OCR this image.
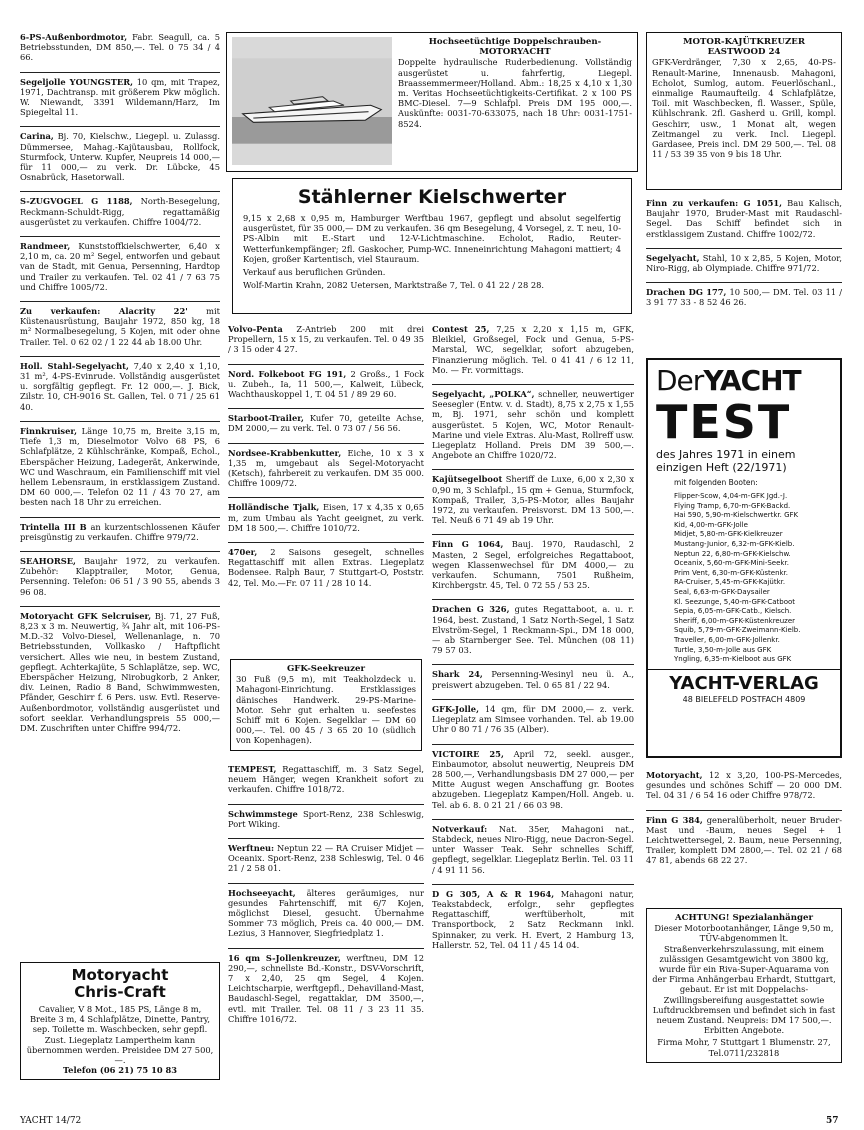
6-PS-Außenbordmotor, Fabr. Seagull, ca. 5 Betriebsstunden, DM 850,—. Tel. 0 75 34 / 4 66.
Segeljolle YOUNGSTER, 10 qm, mit Trapez, 1971, Dachtransp. mit größerem Pkw möglich. W. Niewandt, 3391 Wildemann/Harz, Im Spiegeltal 11.
Carina, Bj. 70, Kielschw., Liegepl. u. Zulassg. Dümmersee, Mahag.-Kajütausbau, Rollfock, Sturmfock, Unterw. Kupfer, Neupreis 14 000,— für 11 000,— zu verk. Dr. Lübcke, 45 Osnabrück, Hasetorwall.
S-ZUGVOGEL G 1188, North-Besegelung, Reckmann-Schuldt-Rigg, regattamäßig ausgerüstet zu verkaufen. Chiffre 1004/72.
Randmeer, Kunststoffkielschwerter, 6,40 x 2,10 m, ca. 20 m² Segel, entworfen und gebaut van de Stadt, mit Genua, Persenning, Hardtop und Trailer zu verkaufen. Tel. 02 41 / 7 63 75 und Chiffre 1005/72.
Zu verkaufen: Alacrity 22' mit Küstenausrüstung, Baujahr 1972, 850 kg, 18 m² Normalbesegelung, 5 Kojen, mit oder ohne Trailer. Tel. 0 62 02 / 1 22 44 ab 18.00 Uhr.
Holl. Stahl-Segelyacht, 7,40 x 2,40 x 1,10, 31 m², 4-PS-Evinrude. Vollständig ausgerüstet u. sorgfältig gepflegt. Fr. 12 000,—. J. Bick, Zilstr. 10, CH-9016 St. Gallen, Tel. 0 71 / 25 61 40.
Finnkruiser, Länge 10,75 m, Breite 3,15 m, Tiefe 1,3 m, Dieselmotor Volvo 68 PS, 6 Schlafplätze, 2 Kühlschränke, Kompaß, Echol., Eberspächer Heizung, Ladegerät, Ankerwinde, WC und Waschraum, ein Familienschiff mit viel hellem Lebensraum, in erstklassigem Zustand. DM 60 000,—. Telefon 02 11 / 43 70 27, am besten nach 18 Uhr zu erreichen.
Trintella III B an kurzentschlossenen Käufer preisgünstig zu verkaufen. Chiffre 979/72.
SEAHORSE, Baujahr 1972, zu verkaufen. Zubehör: Klapptrailer, Motor, Genua, Persenning. Telefon: 06 51 / 3 90 55, abends 3 96 08.
Motoryacht GFK Selcruiser, Bj. 71, 27 Fuß, 8,23 x 3 m. Neuwertig, ¾ Jahr alt, mit 106-PS-M.D.-32 Volvo-Diesel, Wellenanlage, n. 70 Betriebsstunden, Vollkasko / Haftpflicht versichert. Alles wie neu, in bestem Zustand, gepflegt. Achterkajüte, 5 Schlaplätze, sep. WC, Eberspächer Heizung, Nirobugkorb, 2 Anker, div. Leinen, Radio 8 Band, Schwimmwesten, Pfänder, Geschirr f. 6 Pers. usw. Evtl. Reserve-Außenbordmotor, vollständig ausgerüstet und sofort seeklar. Verhandlungspreis 55 000,— DM. Zuschriften unter Chiffre 994/72.
Motoryacht
Chris-Craft
Cavalier, V 8 Mot., 185 PS, Länge 8 m, Breite 3 m, 4 Schlafplätze, Dinette, Pantry, sep. Toilette m. Waschbecken, sehr gepfl. Zust. Liegeplatz Lampertheim kann übernommen werden. Preisidee DM 27 500,—.
Telefon (06 21) 75 10 83
Hochseetüchtige Doppelschrauben-
MOTORYACHT
Doppelte hydraulische Ruderbedienung. Vollständig ausgerüstet u. fahrfertig, Liegepl. Braassemmermeer/Holland. Abm.: 18,25 x 4,10 x 1,30 m. Veritas Hochseetüchtigkeits-Certifikat. 2 x 100 PS BMC-Diesel. 7—9 Schlafpl. Preis DM 195 000,—. Auskünfte: 0031-70-633075, nach 18 Uhr: 0031-1751-8524.
Stählerner Kielschwerter
9,15 x 2,68 x 0,95 m, Hamburger Werftbau 1967, gepflegt und absolut segelfertig ausgerüstet, für 35 000,— DM zu verkaufen. 36 qm Besegelung, 4 Vorsegel, z. T. neu, 10-PS-Albin mit E.-Start und 12-V-Lichtmaschine. Echolot, Radio, Reuter-Wetterfunkempfänger; 2fl. Gaskocher, Pump-WC. Inneneinrichtung Mahagoni mattiert; 4 Kojen, großer Kartentisch, viel Stauraum.
Verkauf aus beruflichen Gründen.
Wolf-Martin Krahn, 2082 Uetersen, Marktstraße 7, Tel. 0 41 22 / 28 28.
Volvo-Penta Z-Antrieb 200 mit drei Propellern, 15 x 15, zu verkaufen. Tel. 0 49 35 / 3 15 oder 4 27.
Nord. Folkeboot FG 191, 2 Großs., 1 Fock u. Zubeh., Ia, 11 500,—, Kalweit, Lübeck, Wachthauskoppel 1, T. 04 51 / 89 29 60.
Starboot-Trailer, Kufer 70, geteilte Achse, DM 2000,— zu verk. Tel. 0 73 07 / 56 56.
Nordsee-Krabbenkutter, Eiche, 10 x 3 x 1,35 m, umgebaut als Segel-Motoryacht (Ketsch), fahrbereit zu verkaufen. DM 35 000. Chiffre 1009/72.
Holländische Tjalk, Eisen, 17 x 4,35 x 0,65 m, zum Umbau als Yacht geeignet, zu verk. DM 18 500,—. Chiffre 1010/72.
470er, 2 Saisons gesegelt, schnelles Regattaschiff mit allen Extras. Liegeplatz Bodensee. Ralph Baur, 7 Stuttgart-O, Poststr. 42, Tel. Mo.—Fr. 07 11 / 28 10 14.
GFK-Seekreuzer
30 Fuß (9,5 m), mit Teakholzdeck u. Mahagoni-Einrichtung. Erstklassiges dänisches Handwerk. 29-PS-Marine-Motor. Sehr gut erhalten u. seefestes Schiff mit 6 Kojen. Segelklar — DM 60 000,—. Tel. 00 45 / 3 65 20 10 (südlich von Kopenhagen).
TEMPEST, Regattaschiff, m. 3 Satz Segel, neuem Hänger, wegen Krankheit sofort zu verkaufen. Chiffre 1018/72.
Schwimmstege Sport-Renz, 238 Schleswig, Port Wiking.
Werftneu: Neptun 22 — RA Cruiser Midjet — Oceanix. Sport-Renz, 238 Schleswig, Tel. 0 46 21 / 2 58 01.
Hochseeyacht, älteres geräumiges, nur gesundes Fahrtenschiff, mit 6/7 Kojen, möglichst Diesel, gesucht. Übernahme Sommer 73 möglich, Preis ca. 40 000,— DM. Lezius, 3 Hannover, Siegfriedplatz 1.
16 qm S-Jollenkreuzer, werftneu, DM 12 290,—, schnellste Bd.-Konstr., DSV-Vorschrift, 7 x 2,40, 25 qm Segel, 4 Kojen. Leichtscharpie, werftgepfl., Dehavilland-Mast, Baudaschl-Segel, regattaklar, DM 3500,—, evtl. mit Trailer. Tel. 08 11 / 3 23 11 35. Chiffre 1016/72.
Contest 25, 7,25 x 2,20 x 1,15 m, GFK, Bleikiel, Großsegel, Fock und Genua, 5-PS-Marstal, WC, segelklar, sofort abzugeben, Finanzierung möglich. Tel. 0 41 41 / 6 12 11, Mo. — Fr. vormittags.
Segelyacht, „POLKA“, schneller, neuwertiger Seesegler (Entw. v. d. Stadt), 8,75 x 2,75 x 1,55 m, Bj. 1971, sehr schön und komplett ausgerüstet. 5 Kojen, WC, Motor Renault-Marine und viele Extras. Alu-Mast, Rollreff usw. Liegeplatz Holland. Preis DM 39 500,—. Angebote an Chiffre 1020/72.
Kajütsegelboot Sheriff de Luxe, 6,00 x 2,30 x 0,90 m, 3 Schlafpl., 15 qm + Genua, Sturmfock, Kompaß, Trailer, 3,5-PS-Motor, alles Baujahr 1972, zu verkaufen. Preisvorst. DM 13 500,—. Tel. Neuß 6 71 49 ab 19 Uhr.
Finn G 1064, Bauj. 1970, Raudaschl, 2 Masten, 2 Segel, erfolgreiches Regattaboot, wegen Klassenwechsel für DM 4000,— zu verkaufen. Schumann, 7501 Rußheim, Kirchbergstr. 45, Tel. 0 72 55 / 53 25.
Drachen G 326, gutes Regattaboot, a. u. r. 1964, best. Zustand, 1 Satz North-Segel, 1 Satz Elvström-Segel, 1 Reckmann-Spi., DM 18 000,— ab Starnberger See. Tel. München (08 11) 79 57 03.
Shark 24, Persenning-Wesinyl neu ü. A., preiswert abzugeben. Tel. 0 65 81 / 22 94.
GFK-Jolle, 14 qm, für DM 2000,— z. verk. Liegeplatz am Simsee vorhanden. Tel. ab 19.00 Uhr 0 80 71 / 76 35 (Alber).
VICTOIRE 25, April 72, seekl. ausger., Einbaumotor, absolut neuwertig, Neupreis DM 28 500,—, Verhandlungsbasis DM 27 000,— per Mitte August wegen Anschaffung gr. Bootes abzugeben. Liegeplatz Kampen/Holl. Angeb. u. Tel. ab 6. 8. 0 21 21 / 66 03 98.
Notverkauf: Nat. 35er, Mahagoni nat., Stabdeck, neues Niro-Rigg, neue Dacron-Segel. unter Wasser Teak. Sehr schnelles Schiff, gepflegt, segelklar. Liegeplatz Berlin. Tel. 03 11 / 4 91 11 56.
D G 305, A & R 1964, Mahagoni natur, Teakstabdeck, erfolgr., sehr gepflegtes Regattaschiff, werftüberholt, mit Transportbock, 2 Satz Reckmann inkl. Spinnaker, zu verk. H. Evert, 2 Hamburg 13, Hallerstr. 52, Tel. 04 11 / 45 14 04.
MOTOR-KAJÜTKREUZER
EASTWOOD 24
GFK-Verdränger, 7,30 x 2,65, 40-PS-Renault-Marine, Innenausb. Mahagoni, Echolot, Sumlog, autom. Feuerlöschanl., einmalige Raumaufteilg. 4 Schlafplätze, Toil. mit Waschbecken, fl. Wasser., Spüle, Kühlschrank. 2fl. Gasherd u. Grill, kompl. Geschirr, usw., 1 Monat alt, wegen Zeitmangel zu verk. Incl. Liegepl. Gardasee, Preis incl. DM 29 500,—. Tel. 08 11 / 53 39 35 von 9 bis 18 Uhr.
Finn zu verkaufen: G 1051, Bau Kalisch, Baujahr 1970, Bruder-Mast mit Raudaschl-Segel. Das Schiff befindet sich in erstklassigem Zustand. Chiffre 1002/72.
Segelyacht, Stahl, 10 x 2,85, 5 Kojen, Motor, Niro-Rigg, ab Olympiade. Chiffre 971/72.
Drachen DG 177, 10 500,— DM. Tel. 03 11 / 3 91 77 33 - 8 52 46 26.
DerYACHT
TEST
des Jahres 1971 in einem einzigen Heft (22/1971)
mit folgenden Booten:
Flipper-Scow, 4,04-m-GFK Jgd.-J.
Flying Tramp, 6,70-m-GFK-Backd.
Hai 590, 5,90-m-Kielschwertkr. GFK
Kid, 4,00-m-GFK-Jolle
Midjet, 5,80-m-GFK-Kielkreuzer
Mustang-Junior, 6,32-m-GFK-Kielb.
Neptun 22, 6,80-m-GFK-Kielschw.
Oceanix, 5,60-m-GFK-Mini-Seekr.
Prim Vent, 6,30-m-GFK-Küstenkr.
RA-Cruiser, 5,45-m-GFK-Kajütkr.
Seal, 6,63-m-GFK-Daysailer
Kl. Seezunge, 5,40-m-GFK-Catboot
Sepia, 6,05-m-GFK-Catb., Kielsch.
Sheriff, 6,00-m-GFK-Küstenkreuzer
Squib, 5,79-m-GFK-Zweimann-Kielb.
Traveller, 6,00-m-GFK-Jollenkr.
Turtle, 3,50-m-Jolle aus GFK
Yngling, 6,35-m-Kielboot aus GFK
YACHT-VERLAG
48 BIELEFELD POSTFACH 4809
Motoryacht, 12 x 3,20, 100-PS-Mercedes, gesundes und schönes Schiff — 20 000 DM. Tel. 04 31 / 6 54 16 oder Chiffre 978/72.
Finn G 384, generalüberholt, neuer Bruder-Mast und -Baum, neues Segel + 1 Leichtwettersegel, 2. Baum, neue Persenning, Trailer, komplett DM 2800,—. Tel. 02 21 / 68 47 81, abends 68 22 27.
ACHTUNG! Spezialanhänger
Dieser Motorbootanhänger, Länge 9,50 m, TÜV-abgenommen lt. Straßenverkehrszulassung, mit einem zulässigen Gesamtgewicht von 3800 kg, wurde für ein Riva-Super-Aquarama von der Firma Anhängerbau Erhardt, Stuttgart, gebaut. Er ist mit Doppelachs-Zwillingsbereifung ausgestattet sowie Luftdruckbremsen und befindet sich in fast neuem Zustand. Neupreis: DM 17 500,—. Erbitten Angebote.
Firma Mohr, 7 Stuttgart 1 Blumenstr. 27, Tel.0711/232818
YACHT 14/72	57
